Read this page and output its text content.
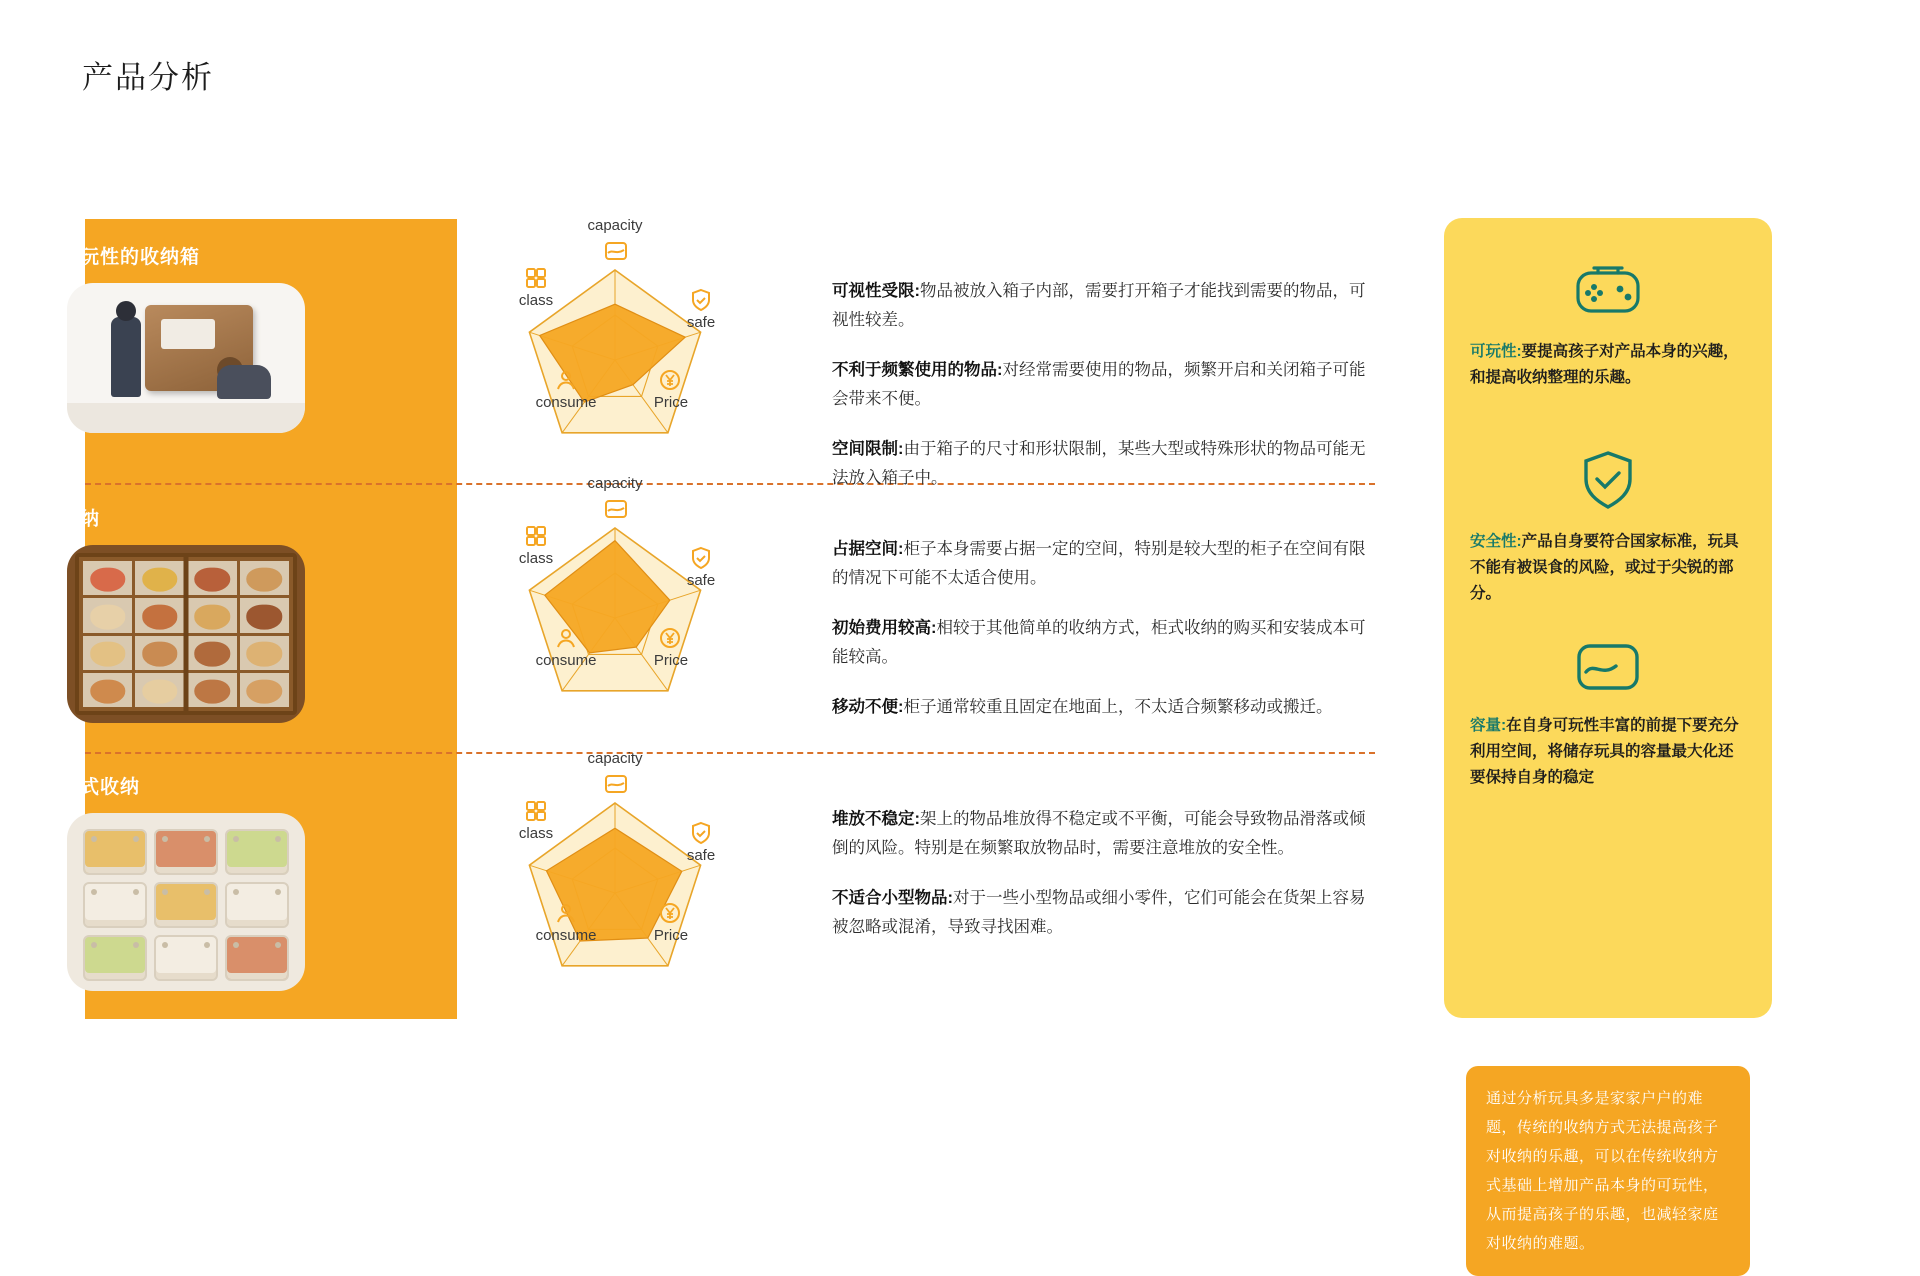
产品分析
具有可玩性的收纳箱
柜式收纳
小型箱式收纳
capacity
safe
Price
consume
class
capacity
safe
Price
consume
class
capacity
safe
Price
consume
class
可视性受限:物品被放入箱子内部，需要打开箱子才能找到需要的物品，可视性较差。
不利于频繁使用的物品:对经常需要使用的物品，频繁开启和关闭箱子可能会带来不便。
空间限制:由于箱子的尺寸和形状限制，某些大型或特殊形状的物品可能无法放入箱子中。
占据空间:柜子本身需要占据一定的空间，特别是较大型的柜子在空间有限的情况下可能不太适合使用。
初始费用较高:相较于其他简单的收纳方式，柜式收纳的购买和安装成本可能较高。
移动不便:柜子通常较重且固定在地面上，不太适合频繁移动或搬迁。
堆放不稳定:架上的物品堆放得不稳定或不平衡，可能会导致物品滑落或倾倒的风险。特别是在频繁取放物品时，需要注意堆放的安全性。
不适合小型物品:对于一些小型物品或细小零件，它们可能会在货架上容易被忽略或混淆，导致寻找困难。
可玩性:要提高孩子对产品本身的兴趣，和提高收纳整理的乐趣。
安全性:产品自身要符合国家标准，玩具不能有被误食的风险，或过于尖锐的部分。
容量:在自身可玩性丰富的前提下要充分利用空间，将储存玩具的容量最大化还要保持自身的稳定
通过分析玩具多是家家户户的难题，传统的收纳方式无法提高孩子对收纳的乐趣，可以在传统收纳方式基础上增加产品本身的可玩性，从而提高孩子的乐趣，也减轻家庭对收纳的难题。
